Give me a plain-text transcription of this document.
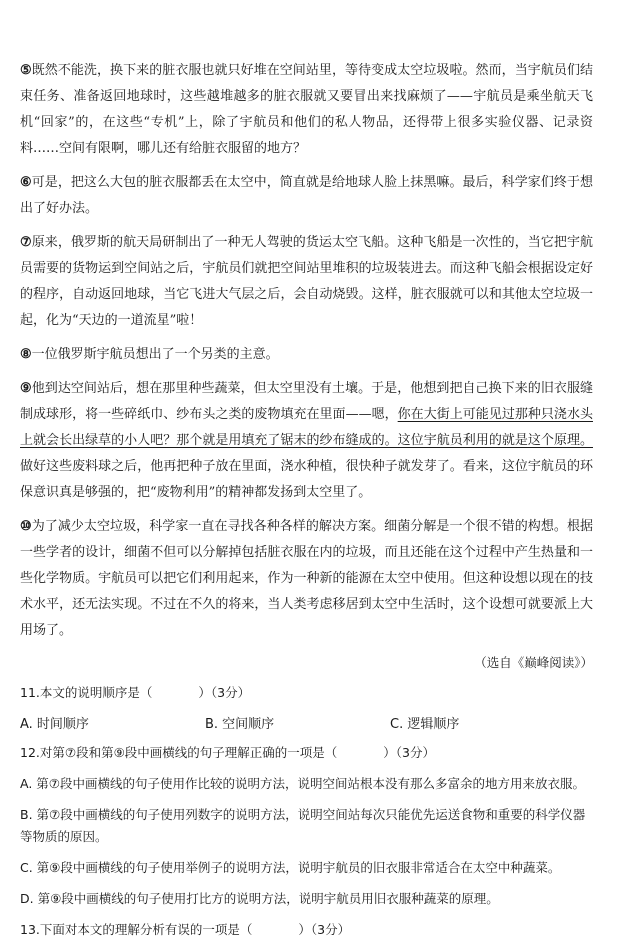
⑤既然不能洗，换下来的脏衣服也就只好堆在空间站里，等待变成太空垃圾啦。然而，当宇航员们结束任务、准备返回地球时，这些越堆越多的脏衣服就又要冒出来找麻烦了——宇航员是乘坐航天飞机“回家”的，在这些“专机”上，除了宇航员和他们的私人物品，还得带上很多实验仪器、记录资料……空间有限啊，哪儿还有给脏衣服留的地方？

⑥可是，把这么大包的脏衣服都丢在太空中，简直就是给地球人脸上抹黑嘛。最后，科学家们终于想出了好办法。

⑦原来，俄罗斯的航天局研制出了一种无人驾驶的货运太空飞船。这种飞船是一次性的，当它把宇航员需要的货物运到空间站之后，宇航员们就把空间站里堆积的垃圾装进去。而这种飞船会根据设定好的程序，自动返回地球，当它飞进大气层之后，会自动烧毁。这样，脏衣服就可以和其他太空垃圾一起，化为“天边的一道流星”啦！

⑧一位俄罗斯宇航员想出了一个另类的主意。

⑨他到达空间站后，想在那里种些蔬菜，但太空里没有土壤。于是，他想到把自己换下来的旧衣服缝制成球形，将一些碎纸巾、纱布头之类的废物填充在里面——嗯，你在大街上可能见过那种只浇水头上就会长出绿草的小人吧？那个就是用填充了锯末的纱布缝成的。这位宇航员利用的就是这个原理。做好这些废料球之后，他再把种子放在里面，浇水种植，很快种子就发芽了。看来，这位宇航员的环保意识真是够强的，把“废物利用”的精神都发扬到太空里了。

⑩为了减少太空垃圾，科学家一直在寻找各种各样的解决方案。细菌分解是一个很不错的构想。根据一些学者的设计，细菌不但可以分解掉包括脏衣服在内的垃圾，而且还能在这个过程中产生热量和一些化学物质。宇航员可以把它们利用起来，作为一种新的能源在太空中使用。但这种设想以现在的技术水平，还无法实现。不过在不久的将来，当人类考虑移居到太空中生活时，这个设想可就要派上大用场了。

（选自《巅峰阅读》）
11.本文的说明顺序是（	）（3分）
A. 时间顺序	B. 空间顺序	C. 逻辑顺序
12.对第⑦段和第⑨段中画横线的句子理解正确的一项是（	）（3分）
A. 第⑦段中画横线的句子使用作比较的说明方法，说明空间站根本没有那么多富余的地方用来放衣服。
B. 第⑦段中画横线的句子使用列数字的说明方法，说明空间站每次只能优先运送食物和重要的科学仪器等物质的原因。
C. 第⑨段中画横线的句子使用举例子的说明方法，说明宇航员的旧衣服非常适合在太空中种蔬菜。
D. 第⑨段中画横线的句子使用打比方的说明方法，说明宇航员用旧衣服种蔬菜的原理。
13.下面对本文的理解分析有误的一项是（	）（3分）
